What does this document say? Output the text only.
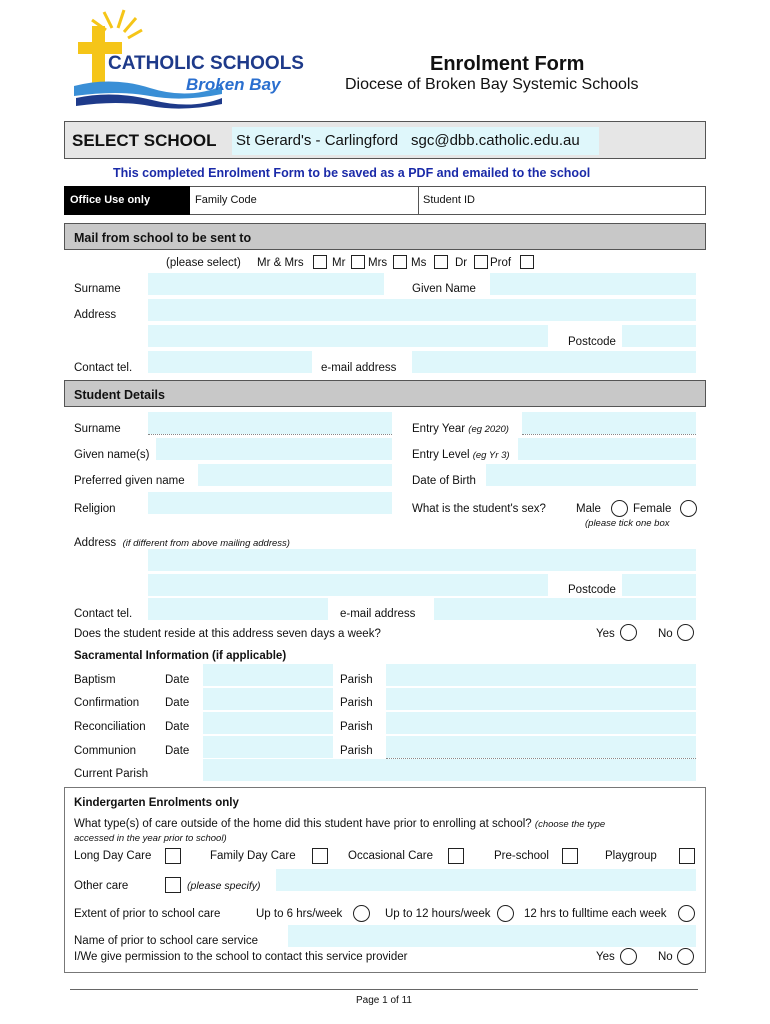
CATHOLIC SCHOOLS
Broken Bay
Enrolment Form
Diocese of Broken Bay Systemic Schools
SELECT SCHOOL St Gerard's - Carlingford sgc@dbb.catholic.edu.au
This completed Enrolment Form to be saved as a PDF and emailed to the school
Office Use only	Family Code	Student ID
Mail from school to be sent to
(please select) Mr & Mrs Mr Mrs Ms Dr Prof
Surname	Given Name
Address
Postcode
Contact tel.	e-mail address
Student Details
Surname	Entry Year (eg 2020)
Given name(s)	Entry Level (eg Yr 3)
Preferred given name	Date of Birth
Religion	What is the student's sex?	Male	Female
(please tick one box
Address (if different from above mailing address)
Postcode
Contact tel.	e-mail address
Does the student reside at this address seven days a week?	Yes	No
Sacramental Information (if applicable)
Baptism	Date	Parish
Confirmation Date	Parish
Reconciliation Date	Parish
Communion	Date	Parish
Current Parish
Kindergarten Enrolments only
What type(s) of care outside of the home did this student have prior to enrolling at school? (choose the type
accessed in the year prior to school)
Long Day Care	Family Day Care	Occasional Care	Pre-school	Playgroup
Other care	(please specify)
Extent of prior to school care	Up to 6 hrs/week	Up to 12 hours/week	12 hrs to fulltime each week
Name of prior to school care service
I/We give permission to the school to contact this service provider	Yes	No
Page 1 of 11
